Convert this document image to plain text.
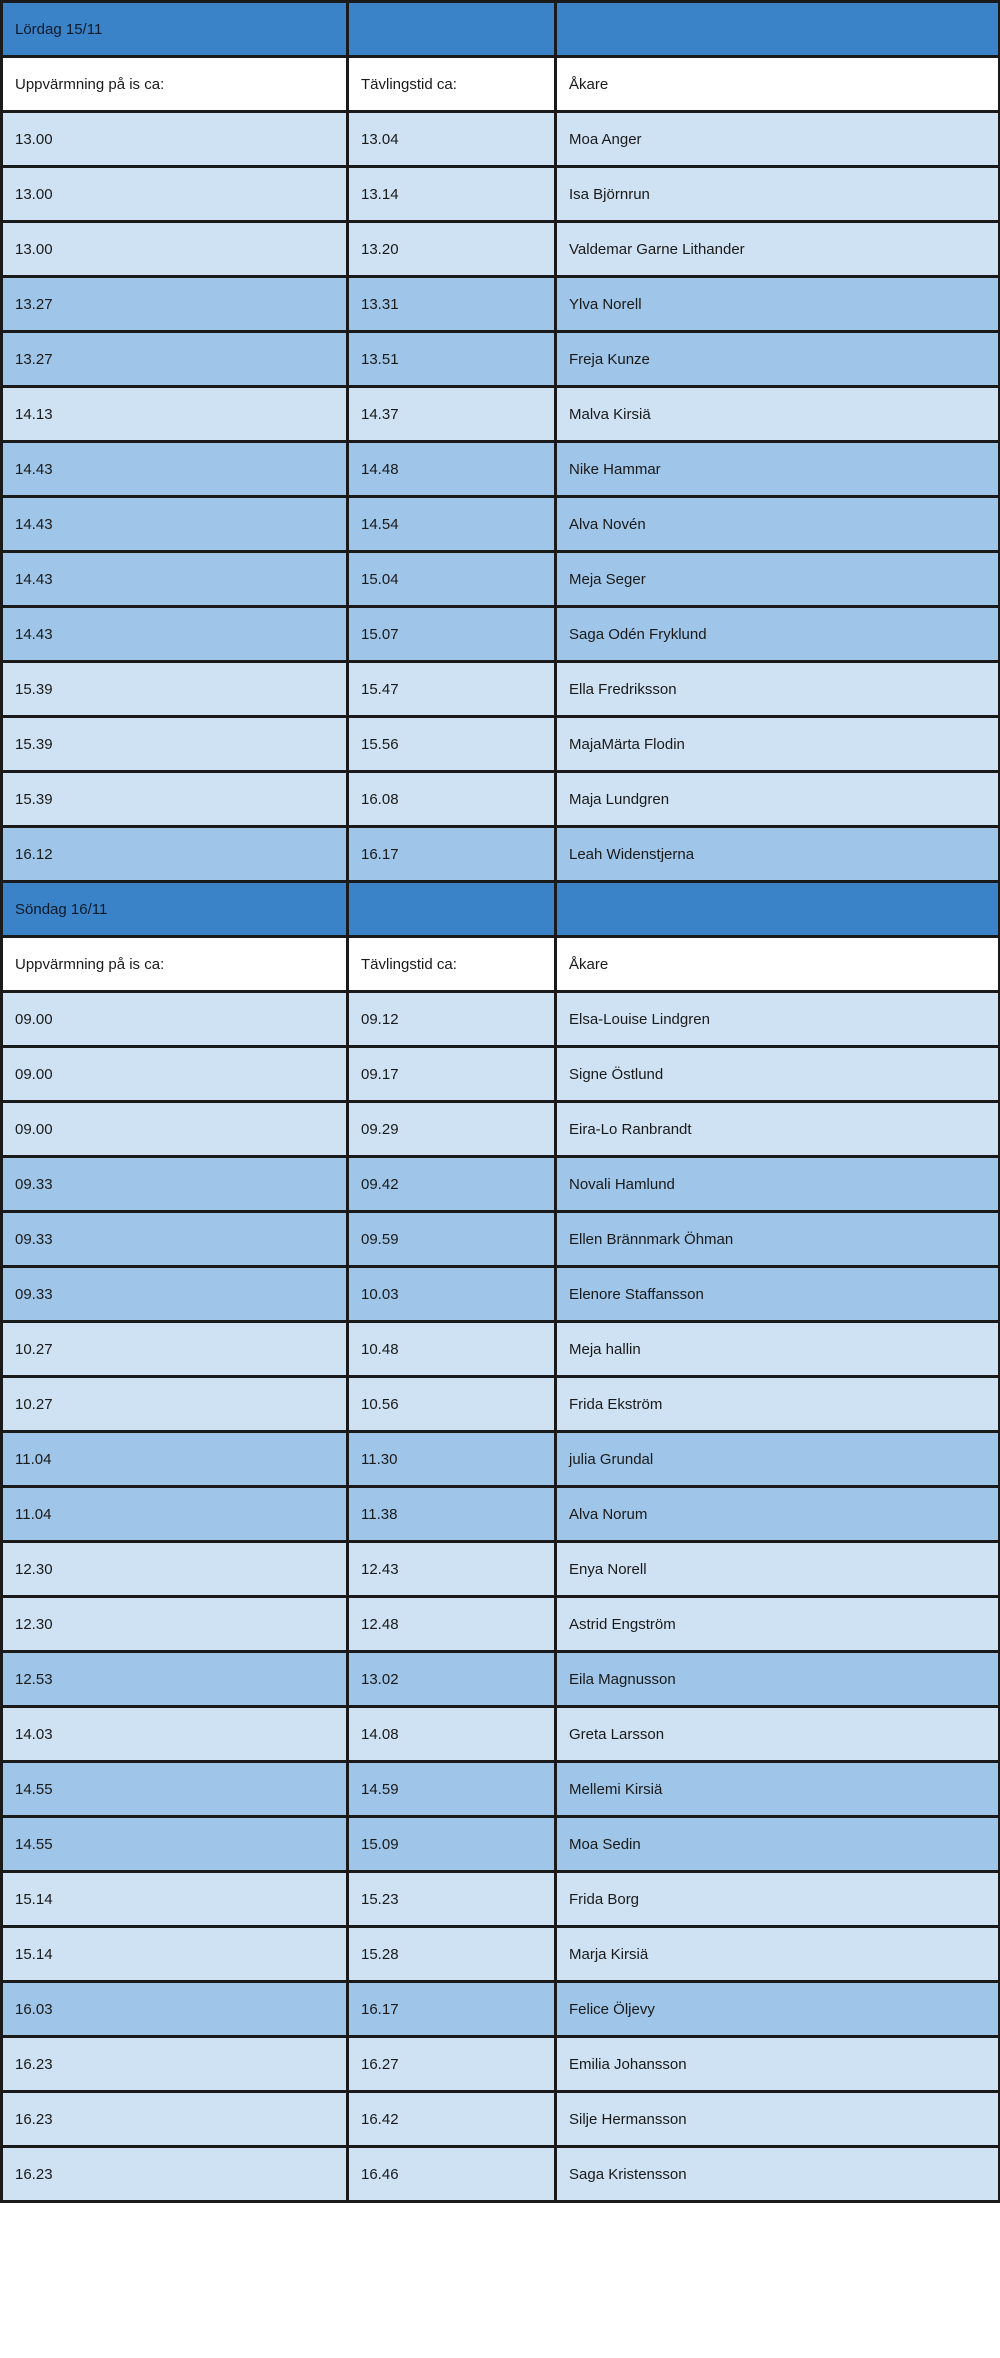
Lördag 15/11		
Uppvärmning på is ca:	Tävlingstid ca:	Åkare
13.00	13.04	Moa Anger
13.00	13.14	Isa Björnrun
13.00	13.20	Valdemar Garne Lithander
13.27	13.31	Ylva Norell
13.27	13.51	Freja Kunze
14.13	14.37	Malva Kirsiä
14.43	14.48	Nike Hammar
14.43	14.54	Alva Novén
14.43	15.04	Meja Seger
14.43	15.07	Saga Odén Fryklund
15.39	15.47	Ella Fredriksson
15.39	15.56	MajaMärta Flodin
15.39	16.08	Maja Lundgren
16.12	16.17	Leah Widenstjerna
Söndag 16/11		
Uppvärmning på is ca:	Tävlingstid ca:	Åkare
09.00	09.12	Elsa-Louise Lindgren
09.00	09.17	Signe Östlund
09.00	09.29	Eira-Lo Ranbrandt
09.33	09.42	Novali Hamlund
09.33	09.59	Ellen Brännmark Öhman
09.33	10.03	Elenore Staffansson
10.27	10.48	Meja hallin
10.27	10.56	Frida Ekström
11.04	11.30	julia Grundal
11.04	11.38	Alva Norum
12.30	12.43	Enya Norell
12.30	12.48	Astrid Engström
12.53	13.02	Eila Magnusson
14.03	14.08	Greta Larsson
14.55	14.59	Mellemi Kirsiä
14.55	15.09	Moa Sedin
15.14	15.23	Frida Borg
15.14	15.28	Marja Kirsiä
16.03	16.17	Felice Öljevy
16.23	16.27	Emilia Johansson
16.23	16.42	Silje Hermansson
16.23	16.46	Saga Kristensson
